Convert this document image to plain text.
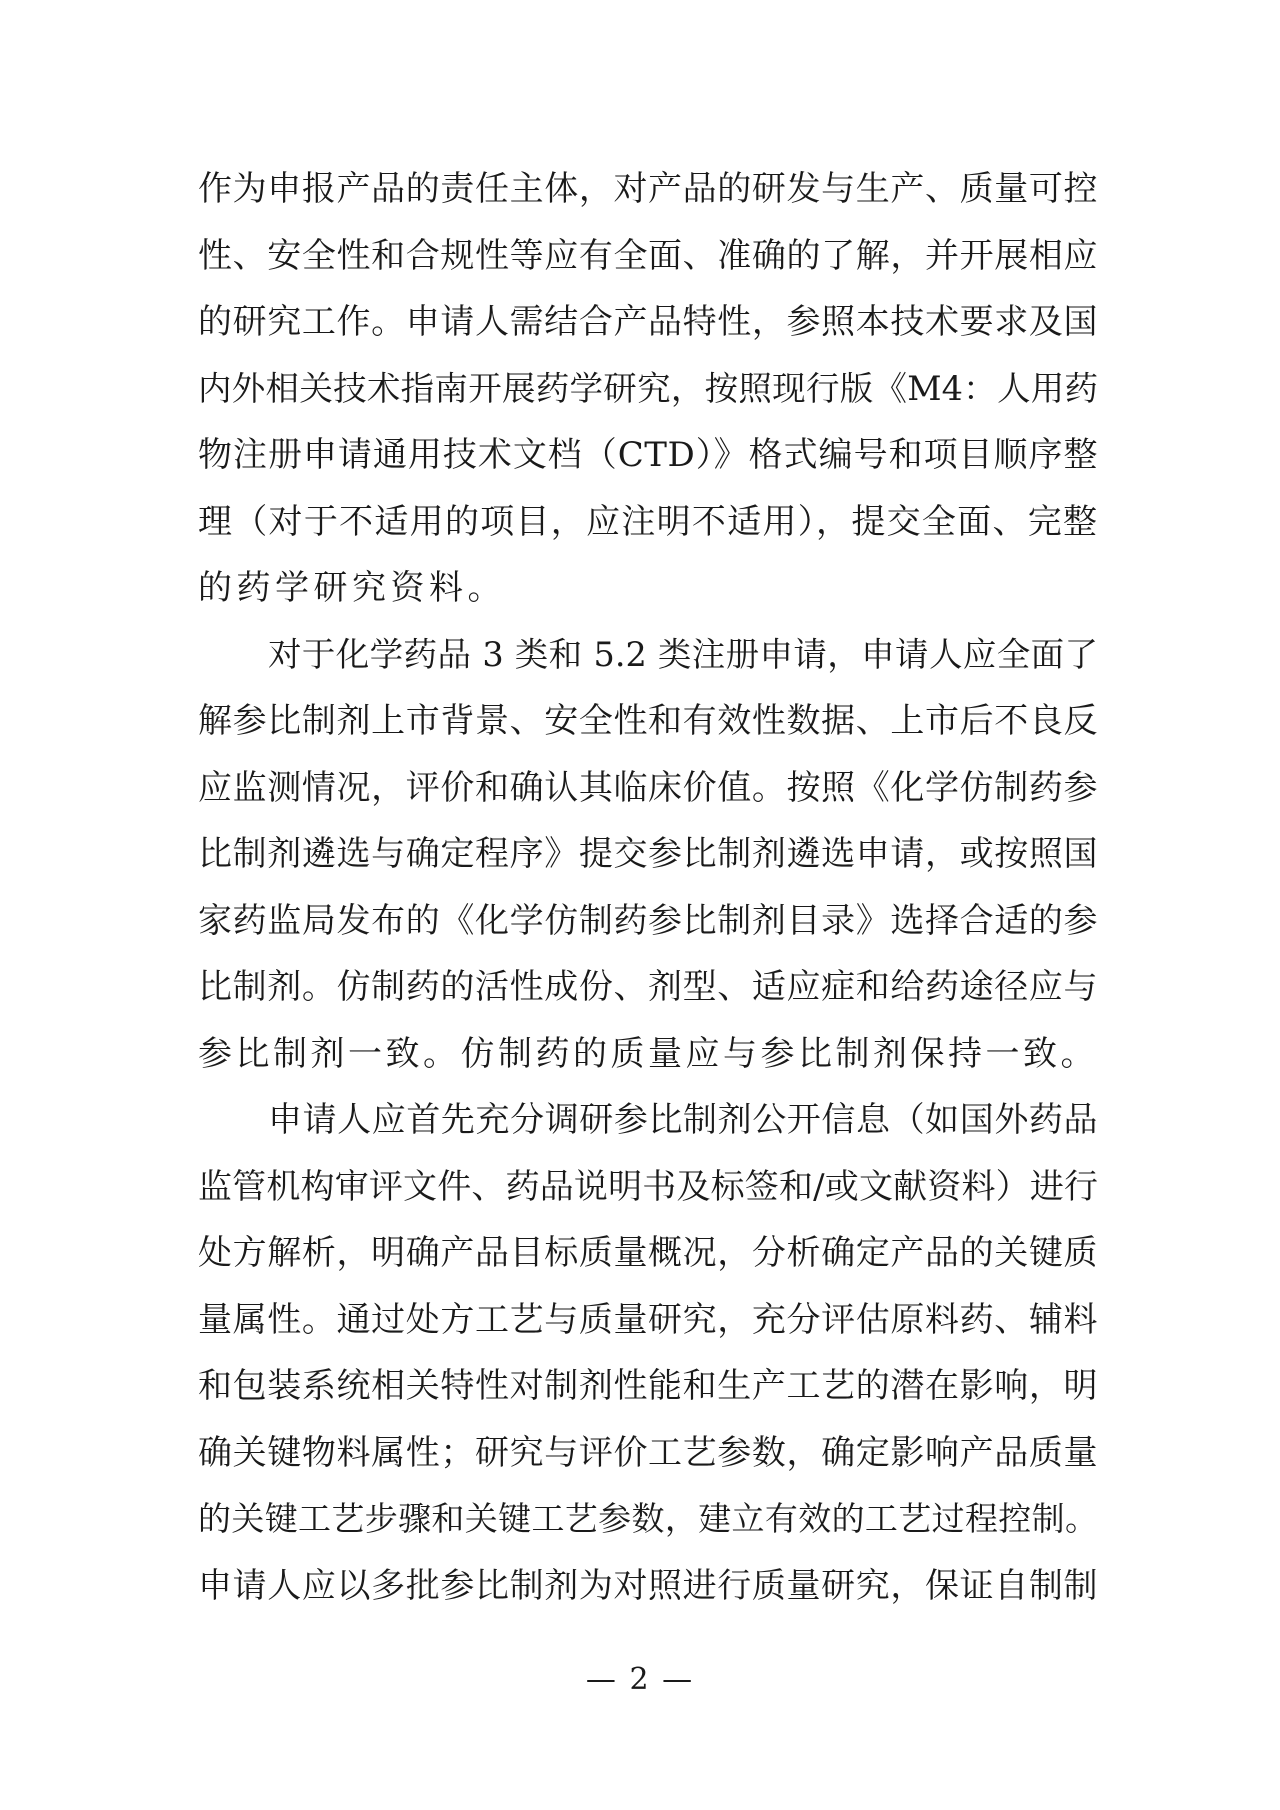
作为申报产品的责任主体，对产品的研发与生产、质量可控
性、安全性和合规性等应有全面、准确的了解，并开展相应
的研究工作。申请人需结合产品特性，参照本技术要求及国
内外相关技术指南开展药学研究，按照现行版《M4：人用药
物注册申请通用技术文档（CTD）》格式编号和项目顺序整
理（对于不适用的项目，应注明不适用），提交全面、完整
的药学研究资料。
对于化学药品 3 类和 5.2 类注册申请，申请人应全面了
解参比制剂上市背景、安全性和有效性数据、上市后不良反
应监测情况，评价和确认其临床价值。按照《化学仿制药参
比制剂遴选与确定程序》提交参比制剂遴选申请，或按照国
家药监局发布的《化学仿制药参比制剂目录》选择合适的参
比制剂。仿制药的活性成份、剂型、适应症和给药途径应与
参比制剂一致。仿制药的质量应与参比制剂保持一致。
申请人应首先充分调研参比制剂公开信息（如国外药品
监管机构审评文件、药品说明书及标签和/或文献资料）进行
处方解析，明确产品目标质量概况，分析确定产品的关键质
量属性。通过处方工艺与质量研究，充分评估原料药、辅料
和包装系统相关特性对制剂性能和生产工艺的潜在影响，明
确关键物料属性；研究与评价工艺参数，确定影响产品质量
的关键工艺步骤和关键工艺参数，建立有效的工艺过程控制。
申请人应以多批参比制剂为对照进行质量研究，保证自制制
— 2 —
